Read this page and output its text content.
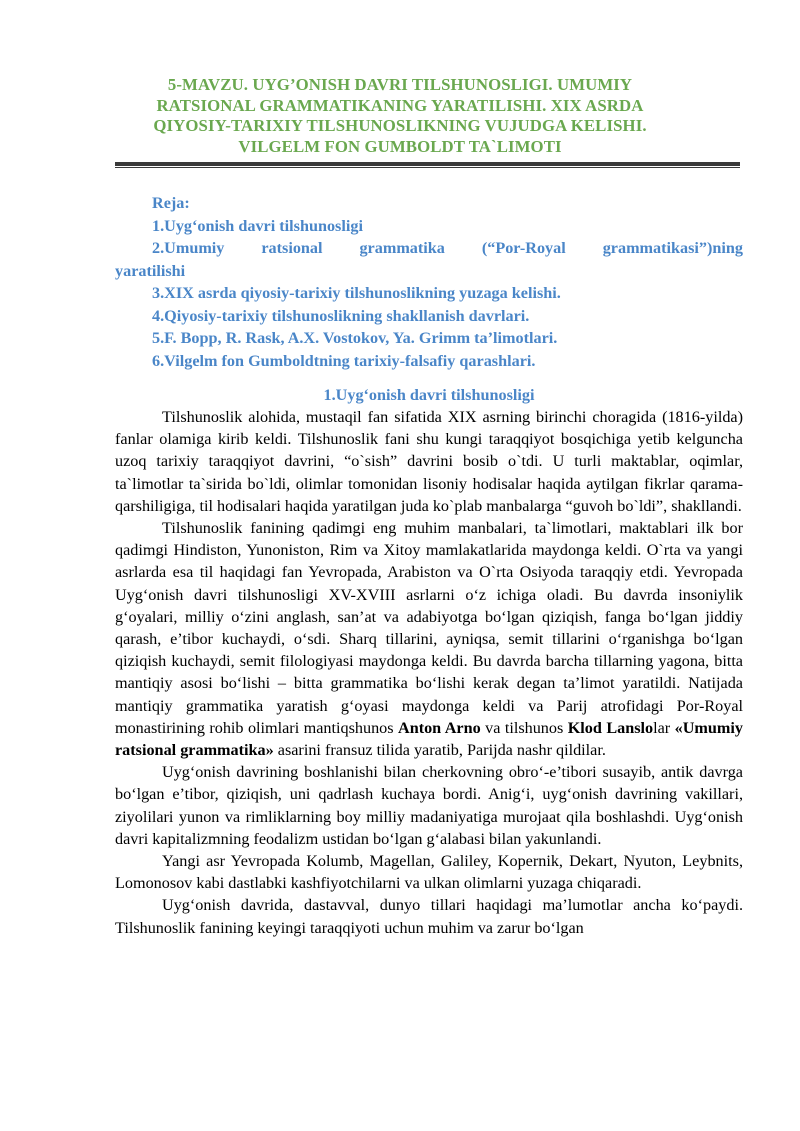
5-MAVZU. UYG’ONISH DAVRI TILSHUNOSLIGI. UMUMIY
RATSIONAL GRAMMATIKANING YARATILISHI. XIX ASRDA
QIYOSIY-TARIXIY TILSHUNOSLIKNING VUJUDGA KELISHI.
VILGELM FON GUMBOLDT TA`LIMOTI
Reja:
1.Uyg‘onish davri tilshunosligi
2.Umumiy ratsional grammatika (“Por-Royal grammatikasi”)ning
yaratilishi
3.XIX asrda qiyosiy-tarixiy tilshunoslikning yuzaga kelishi.
4.Qiyosiy-tarixiy tilshunoslikning shakllanish davrlari.
5.F. Bopp, R. Rask, A.X. Vostokov, Ya. Grimm ta’limotlari.
6.Vilgelm fon Gumboldtning tarixiy-falsafiy qarashlari.
1.Uyg‘onish davri tilshunosligi

Tilshunoslik alohida, mustaqil fan sifatida XIX asrning birinchi choragida (1816-yilda) fanlar olamiga kirib keldi. Tilshunoslik fani shu kungi taraqqiyot bosqichiga yetib kelguncha uzoq tarixiy taraqqiyot davrini, “o`sish” davrini bosib o`tdi. U turli maktablar, oqimlar, ta`limotlar ta`sirida bo`ldi, olimlar tomonidan lisoniy hodisalar haqida aytilgan fikrlar qarama-qarshiligiga, til hodisalari haqida yaratilgan juda ko`plab manbalarga “guvoh bo`ldi”, shakllandi.

Tilshunoslik fanining qadimgi eng muhim manbalari, ta`limotlari, maktablari ilk bor qadimgi Hindiston, Yunoniston, Rim va Xitoy mamlakatlarida maydonga keldi. O`rta va yangi asrlarda esa til haqidagi fan Yevropada, Arabiston va O`rta Osiyoda taraqqiy etdi. Yevropada Uyg‘onish davri tilshunosligi XV-XVIII asrlarni o‘z ichiga oladi. Bu davrda insoniylik g‘oyalari, milliy o‘zini anglash, san’at va adabiyotga bo‘lgan qiziqish, fanga bo‘lgan jiddiy qarash, e’tibor kuchaydi, o‘sdi. Sharq tillarini, ayniqsa, semit tillarini o‘rganishga bo‘lgan qiziqish kuchaydi, semit filologiyasi maydonga keldi. Bu davrda barcha tillarning yagona, bitta mantiqiy asosi bo‘lishi – bitta grammatika bo‘lishi kerak degan ta’limot yaratildi. Natijada mantiqiy grammatika yaratish g‘oyasi maydonga keldi va Parij atrofidagi Por-Royal monastirining rohib olimlari mantiqshunos Anton Arno va tilshunos Klod Lanslolar «Umumiy ratsional grammatika» asarini fransuz tilida yaratib, Parijda nashr qildilar.

Uyg‘onish davrining boshlanishi bilan cherkovning obro‘-e’tibori susayib, antik davrga bo‘lgan e’tibor, qiziqish, uni qadrlash kuchaya bordi. Anig‘i, uyg‘onish davrining vakillari, ziyolilari yunon va rimliklarning boy milliy madaniyatiga murojaat qila boshlashdi. Uyg‘onish davri kapitalizmning feodalizm ustidan bo‘lgan g‘alabasi bilan yakunlandi.

Yangi asr Yevropada Kolumb, Magellan, Galiley, Kopernik, Dekart, Nyuton, Leybnits, Lomonosov kabi dastlabki kashfiyotchilarni va ulkan olimlarni yuzaga chiqaradi.

Uyg‘onish davrida, dastavval, dunyo tillari haqidagi ma’lumotlar ancha ko‘paydi. Tilshunoslik fanining keyingi taraqqiyoti uchun muhim va zarur bo‘lgan
